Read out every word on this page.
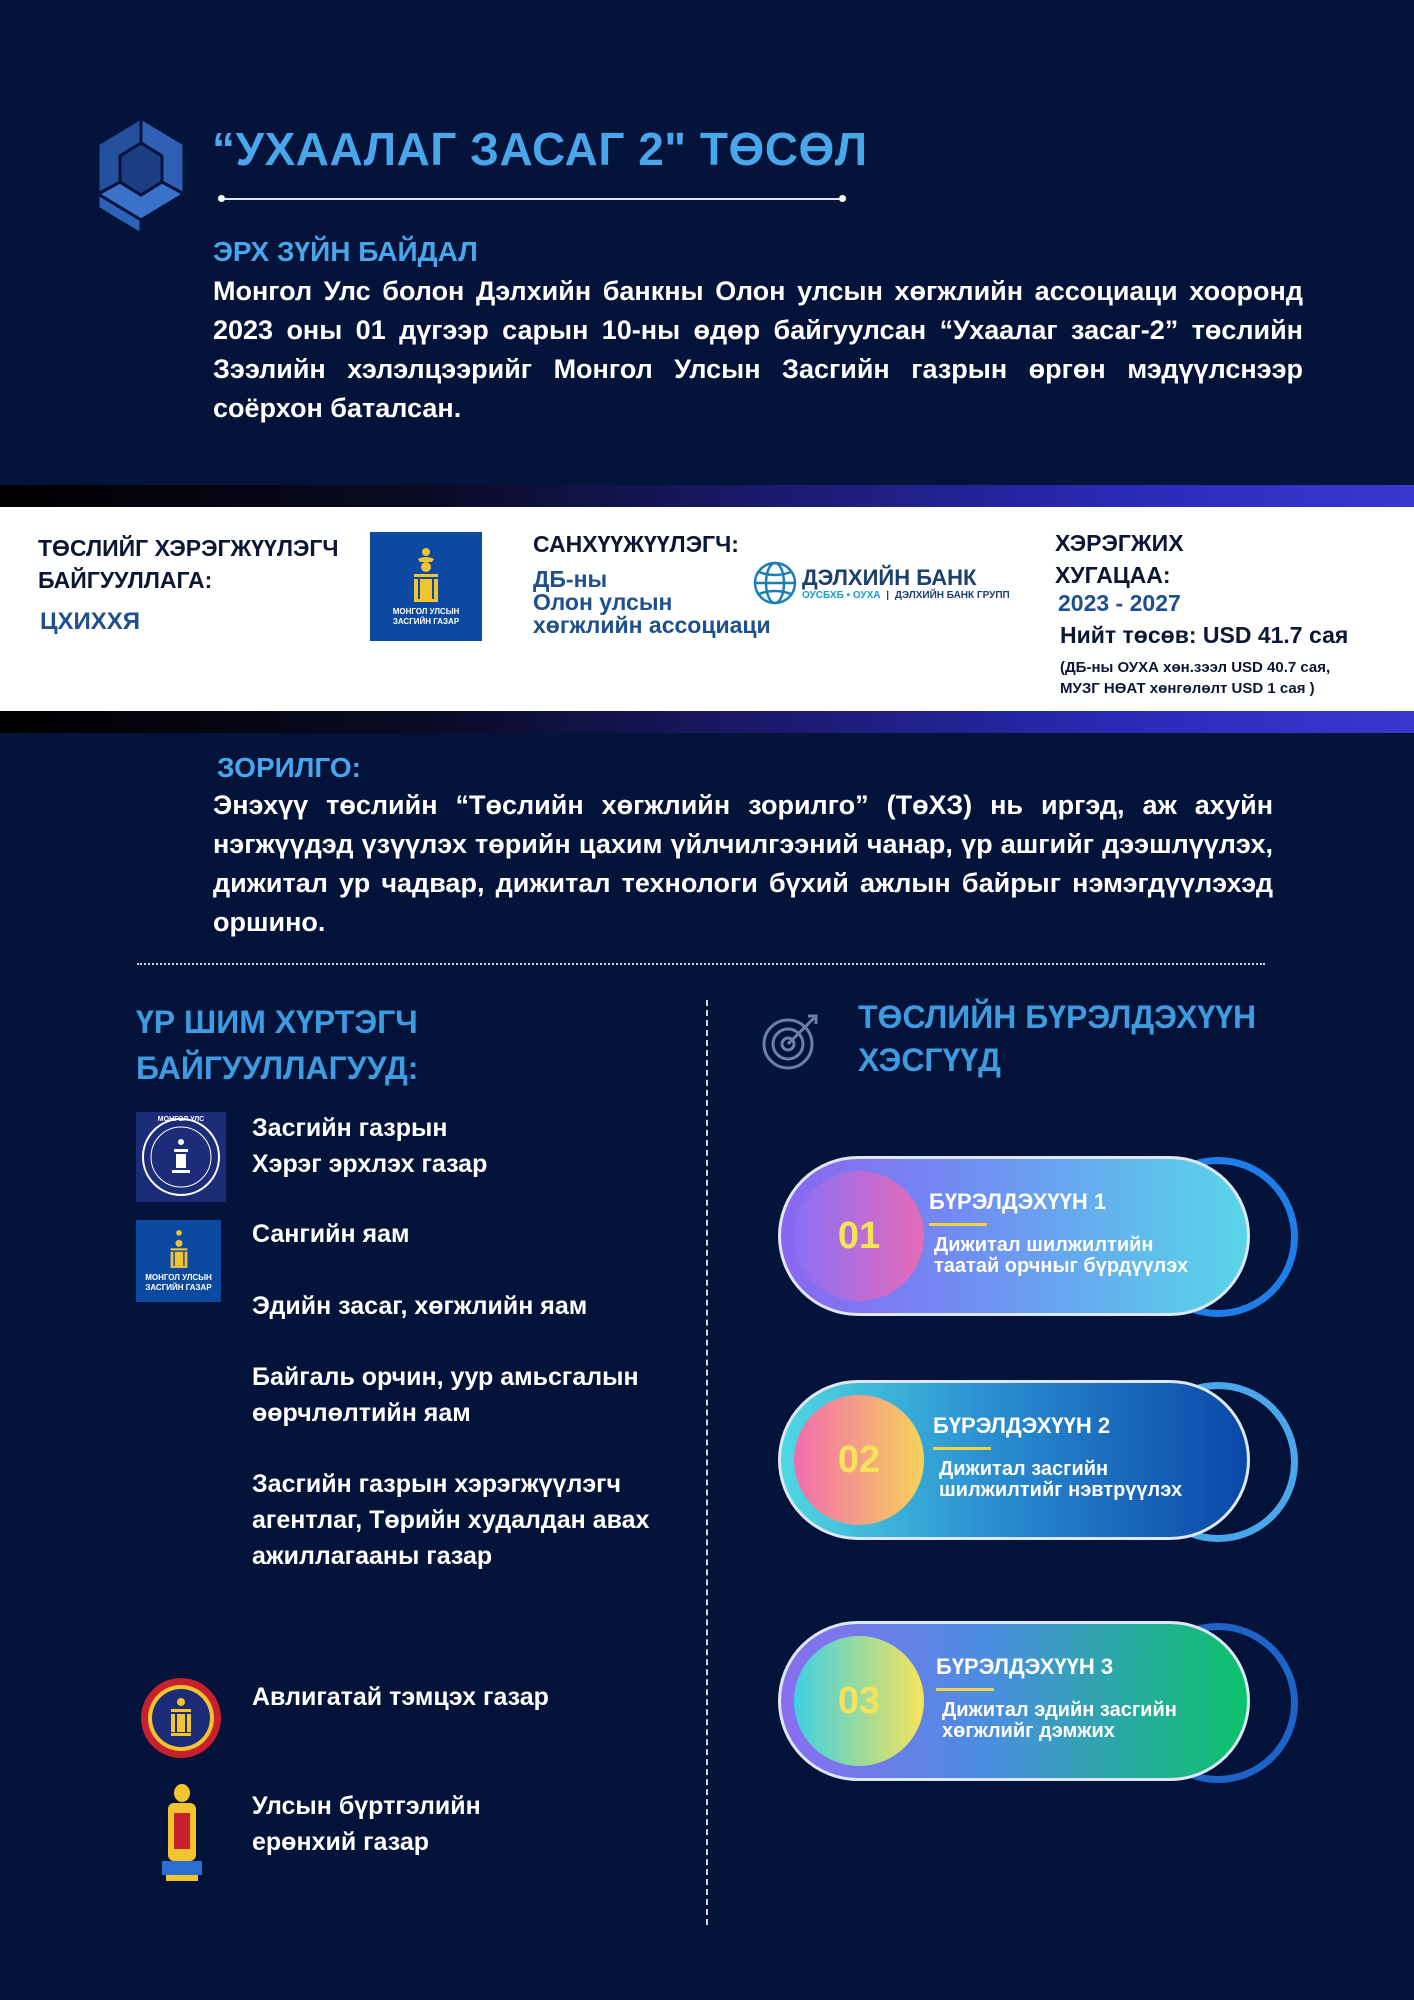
“УХААЛАГ ЗАСАГ 2" ТӨСӨЛ
ЭРХ ЗҮЙН БАЙДАЛ
Монгол Улс болон Дэлхийн банкны Олон улсын хөгжлийн ассоциаци хооронд 2023 оны 01 дүгээр сарын 10-ны өдөр байгуулсан “Ухаалаг засаг-2” төслийн Зээлийн хэлэлцээрийг Монгол Улсын Засгийн газрын өргөн мэдүүлснээр соёрхон баталсан.
ТӨСЛИЙГ ХЭРЭГЖҮҮЛЭГЧ
БАЙГУУЛЛАГА:
ЦХИХХЯ	МОНГОЛ УЛСЫН
ЗАСГИЙН ГАЗАР
САНХҮҮЖҮҮЛЭГЧ:
ДБ-ны
Олон улсын
хөгжлийн ассоциаци
ДЭЛХИЙН БАНК
ОУСБХБ • ОУХА | ДЭЛХИЙН БАНК ГРУПП
ХЭРЭГЖИХ
ХУГАЦАА:
2023 - 2027
Нийт төсөв: USD 41.7 сая
(ДБ-ны ОУХА хөн.зээл USD 40.7 сая,
МУЗГ НӨАТ хөнгөлөлт USD 1 сая )
ЗОРИЛГО:
Энэхүү төслийн “Төслийн хөгжлийн зорилго” (ТөХЗ) нь иргэд, аж ахуйн нэгжүүдэд үзүүлэх төрийн цахим үйлчилгээний чанар, үр ашгийг дээшлүүлэх, дижитал ур чадвар, дижитал технологи бүхий ажлын байрыг нэмэгдүүлэхэд оршино.
ҮР ШИМ ХҮРТЭГЧ
БАЙГУУЛЛАГУУД:
МОНГОЛ УЛС
МОНГОЛ УЛСЫН
ЗАСГИЙН ГАЗАР
Засгийн газрын
Хэрэг эрхлэх газар
Сангийн яам
Эдийн засаг, хөгжлийн яам
Байгаль орчин, уур амьсгалын
өөрчлөлтийн яам
Засгийн газрын хэрэгжүүлэгч
агентлаг, Төрийн худалдан авах
ажиллагааны газар
Авлигатай тэмцэх газар
Улсын бүртгэлийн
ерөнхий газар
ТӨСЛИЙН БҮРЭЛДЭХҮҮН
ХЭСГҮҮД
01
БҮРЭЛДЭХҮҮН 1
Дижитал шилжилтийн
таатай орчныг бүрдүүлэх
02
БҮРЭЛДЭХҮҮН 2
Дижитал засгийн
шилжилтийг нэвтрүүлэх
03
БҮРЭЛДЭХҮҮН 3
Дижитал эдийн засгийн
хөгжлийг дэмжих
